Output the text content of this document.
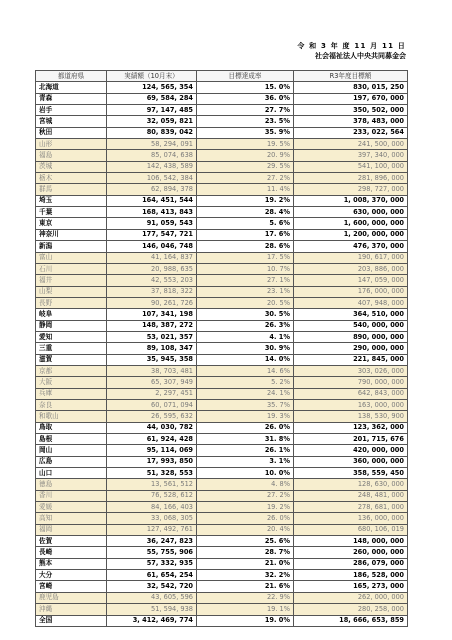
令 和 3 年 度 11 月 11 日
社会福祉法人中央共同募金会
都道府県	実績額（10月末）	目標達成率	R3年度目標額
北海道	124, 565, 354	15. 0%	830, 015, 250
青森	69, 584, 284	36. 0%	197, 670, 000
岩手	97, 147, 485	27. 7%	350, 502, 000
宮城	32, 059, 821	23. 5%	378, 483, 000
秋田	80, 839, 042	35. 9%	233, 022, 564
山形	58, 294, 091	19. 5%	241, 500, 000
福島	85, 074, 638	20. 9%	397, 340, 000
茨城	142, 438, 589	29. 5%	541, 100, 000
栃木	106, 542, 384	27. 2%	281, 896, 000
群馬	62, 894, 378	11. 4%	298, 727, 000
埼玉	164, 451, 544	19. 2%	1, 008, 370, 000
千葉	168, 413, 843	28. 4%	630, 000, 000
東京	91, 059, 543	5. 6%	1, 600, 000, 000
神奈川	177, 547, 721	17. 6%	1, 200, 000, 000
新潟	146, 046, 748	28. 6%	476, 370, 000
富山	41, 164, 837	17. 5%	190, 617, 000
石川	20, 988, 635	10. 7%	203, 886, 000
福井	42, 553, 203	27. 1%	147, 059, 000
山梨	37, 818, 322	23. 1%	176, 000, 000
長野	90, 261, 726	20. 5%	407, 948, 000
岐阜	107, 341, 198	30. 5%	364, 510, 000
静岡	148, 387, 272	26. 3%	540, 000, 000
愛知	53, 021, 357	4. 1%	890, 000, 000
三重	89, 108, 347	30. 9%	290, 000, 000
滋賀	35, 945, 358	14. 0%	221, 845, 000
京都	38, 703, 481	14. 6%	303, 026, 000
大阪	65, 307, 949	5. 2%	790, 000, 000
兵庫	2, 297, 451	24. 1%	642, 843, 000
奈良	60, 071, 094	35. 7%	163, 000, 000
和歌山	26, 595, 632	19. 3%	138, 530, 900
鳥取	44, 030, 782	26. 0%	123, 362, 000
島根	61, 924, 428	31. 8%	201, 715, 676
岡山	95, 114, 069	26. 1%	420, 000, 000
広島	17, 993, 850	3. 1%	360, 000, 000
山口	51, 328, 553	10. 0%	358, 559, 450
徳島	13, 561, 512	4. 8%	128, 630, 000
香川	76, 528, 612	27. 2%	248, 481, 000
愛媛	84, 166, 403	19. 2%	278, 681, 000
高知	33, 068, 305	26. 0%	136, 000, 000
福岡	127, 492, 761	20. 4%	680, 106, 019
佐賀	36, 247, 823	25. 6%	148, 000, 000
長崎	55, 755, 906	28. 7%	260, 000, 000
熊本	57, 332, 935	21. 0%	286, 079, 000
大分	61, 654, 254	32. 2%	186, 528, 000
宮崎	32, 542, 720	21. 6%	165, 273, 000
鹿児島	43, 605, 596	22. 9%	262, 000, 000
沖縄	51, 594, 938	19. 1%	280, 258, 000
全国	3, 412, 469, 774	19. 0%	18, 666, 653, 859
